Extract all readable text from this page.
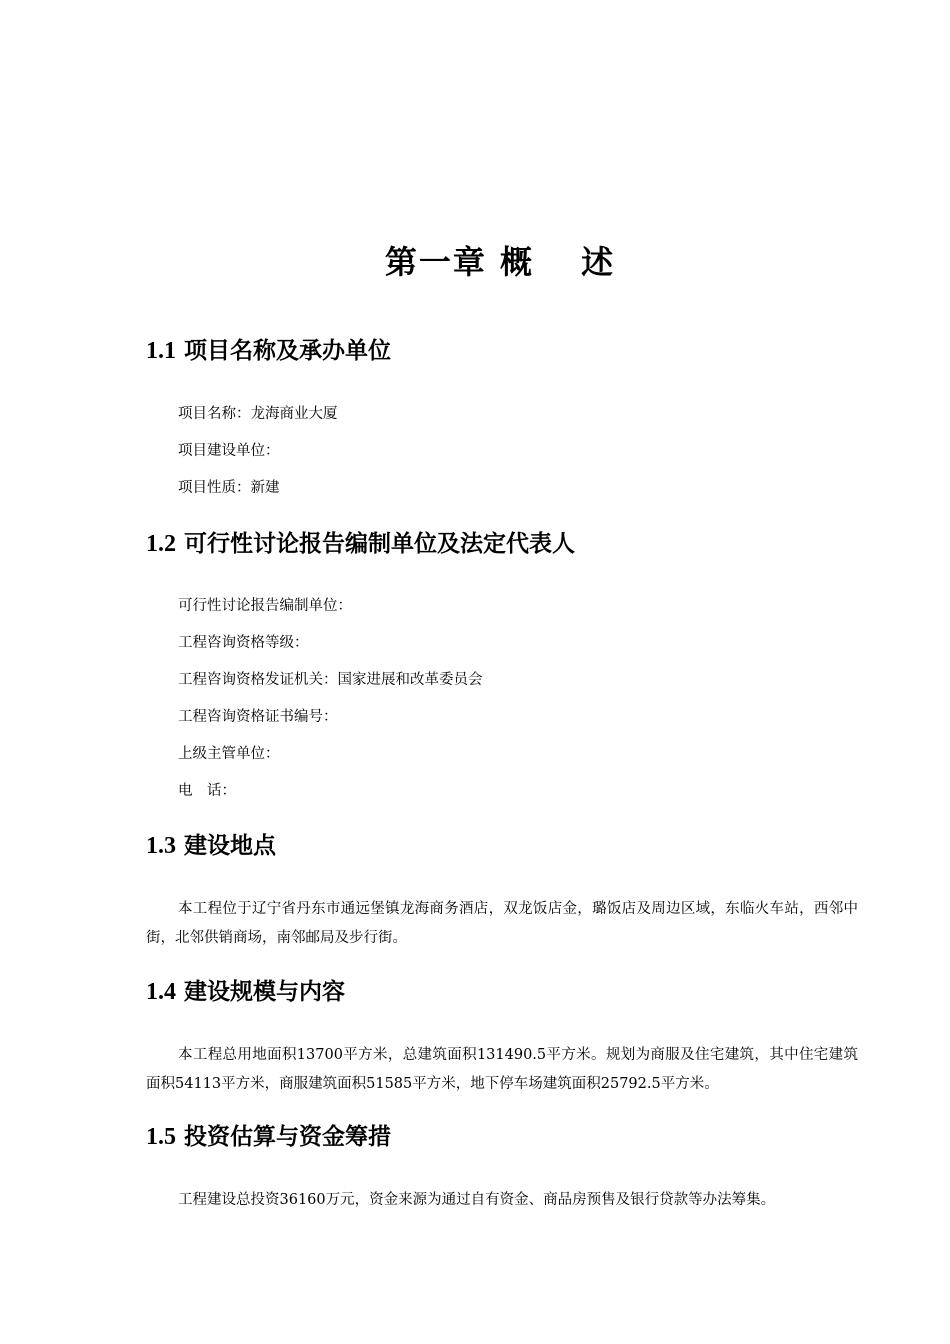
第一章 概　 述
1.1 项目名称及承办单位
项目名称：龙海商业大厦
项目建设单位：
项目性质：新建
1.2 可行性讨论报告编制单位及法定代表人
可行性讨论报告编制单位：
工程咨询资格等级：
工程咨询资格发证机关：国家进展和改革委员会
工程咨询资格证书编号：
上级主管单位：
电　话：
1.3 建设地点

本工程位于辽宁省丹东市通远堡镇龙海商务酒店，双龙饭店金，璐饭店及周边区域，东临火车站，西邻中街，北邻供销商场，南邻邮局及步行街。

1.4 建设规模与内容

本工程总用地面积13700平方米，总建筑面积131490.5平方米。规划为商服及住宅建筑，其中住宅建筑面积54113平方米，商服建筑面积51585平方米，地下停车场建筑面积25792.5平方米。

1.5 投资估算与资金筹措

工程建设总投资36160万元，资金来源为通过自有资金、商品房预售及银行贷款等办法筹集。
